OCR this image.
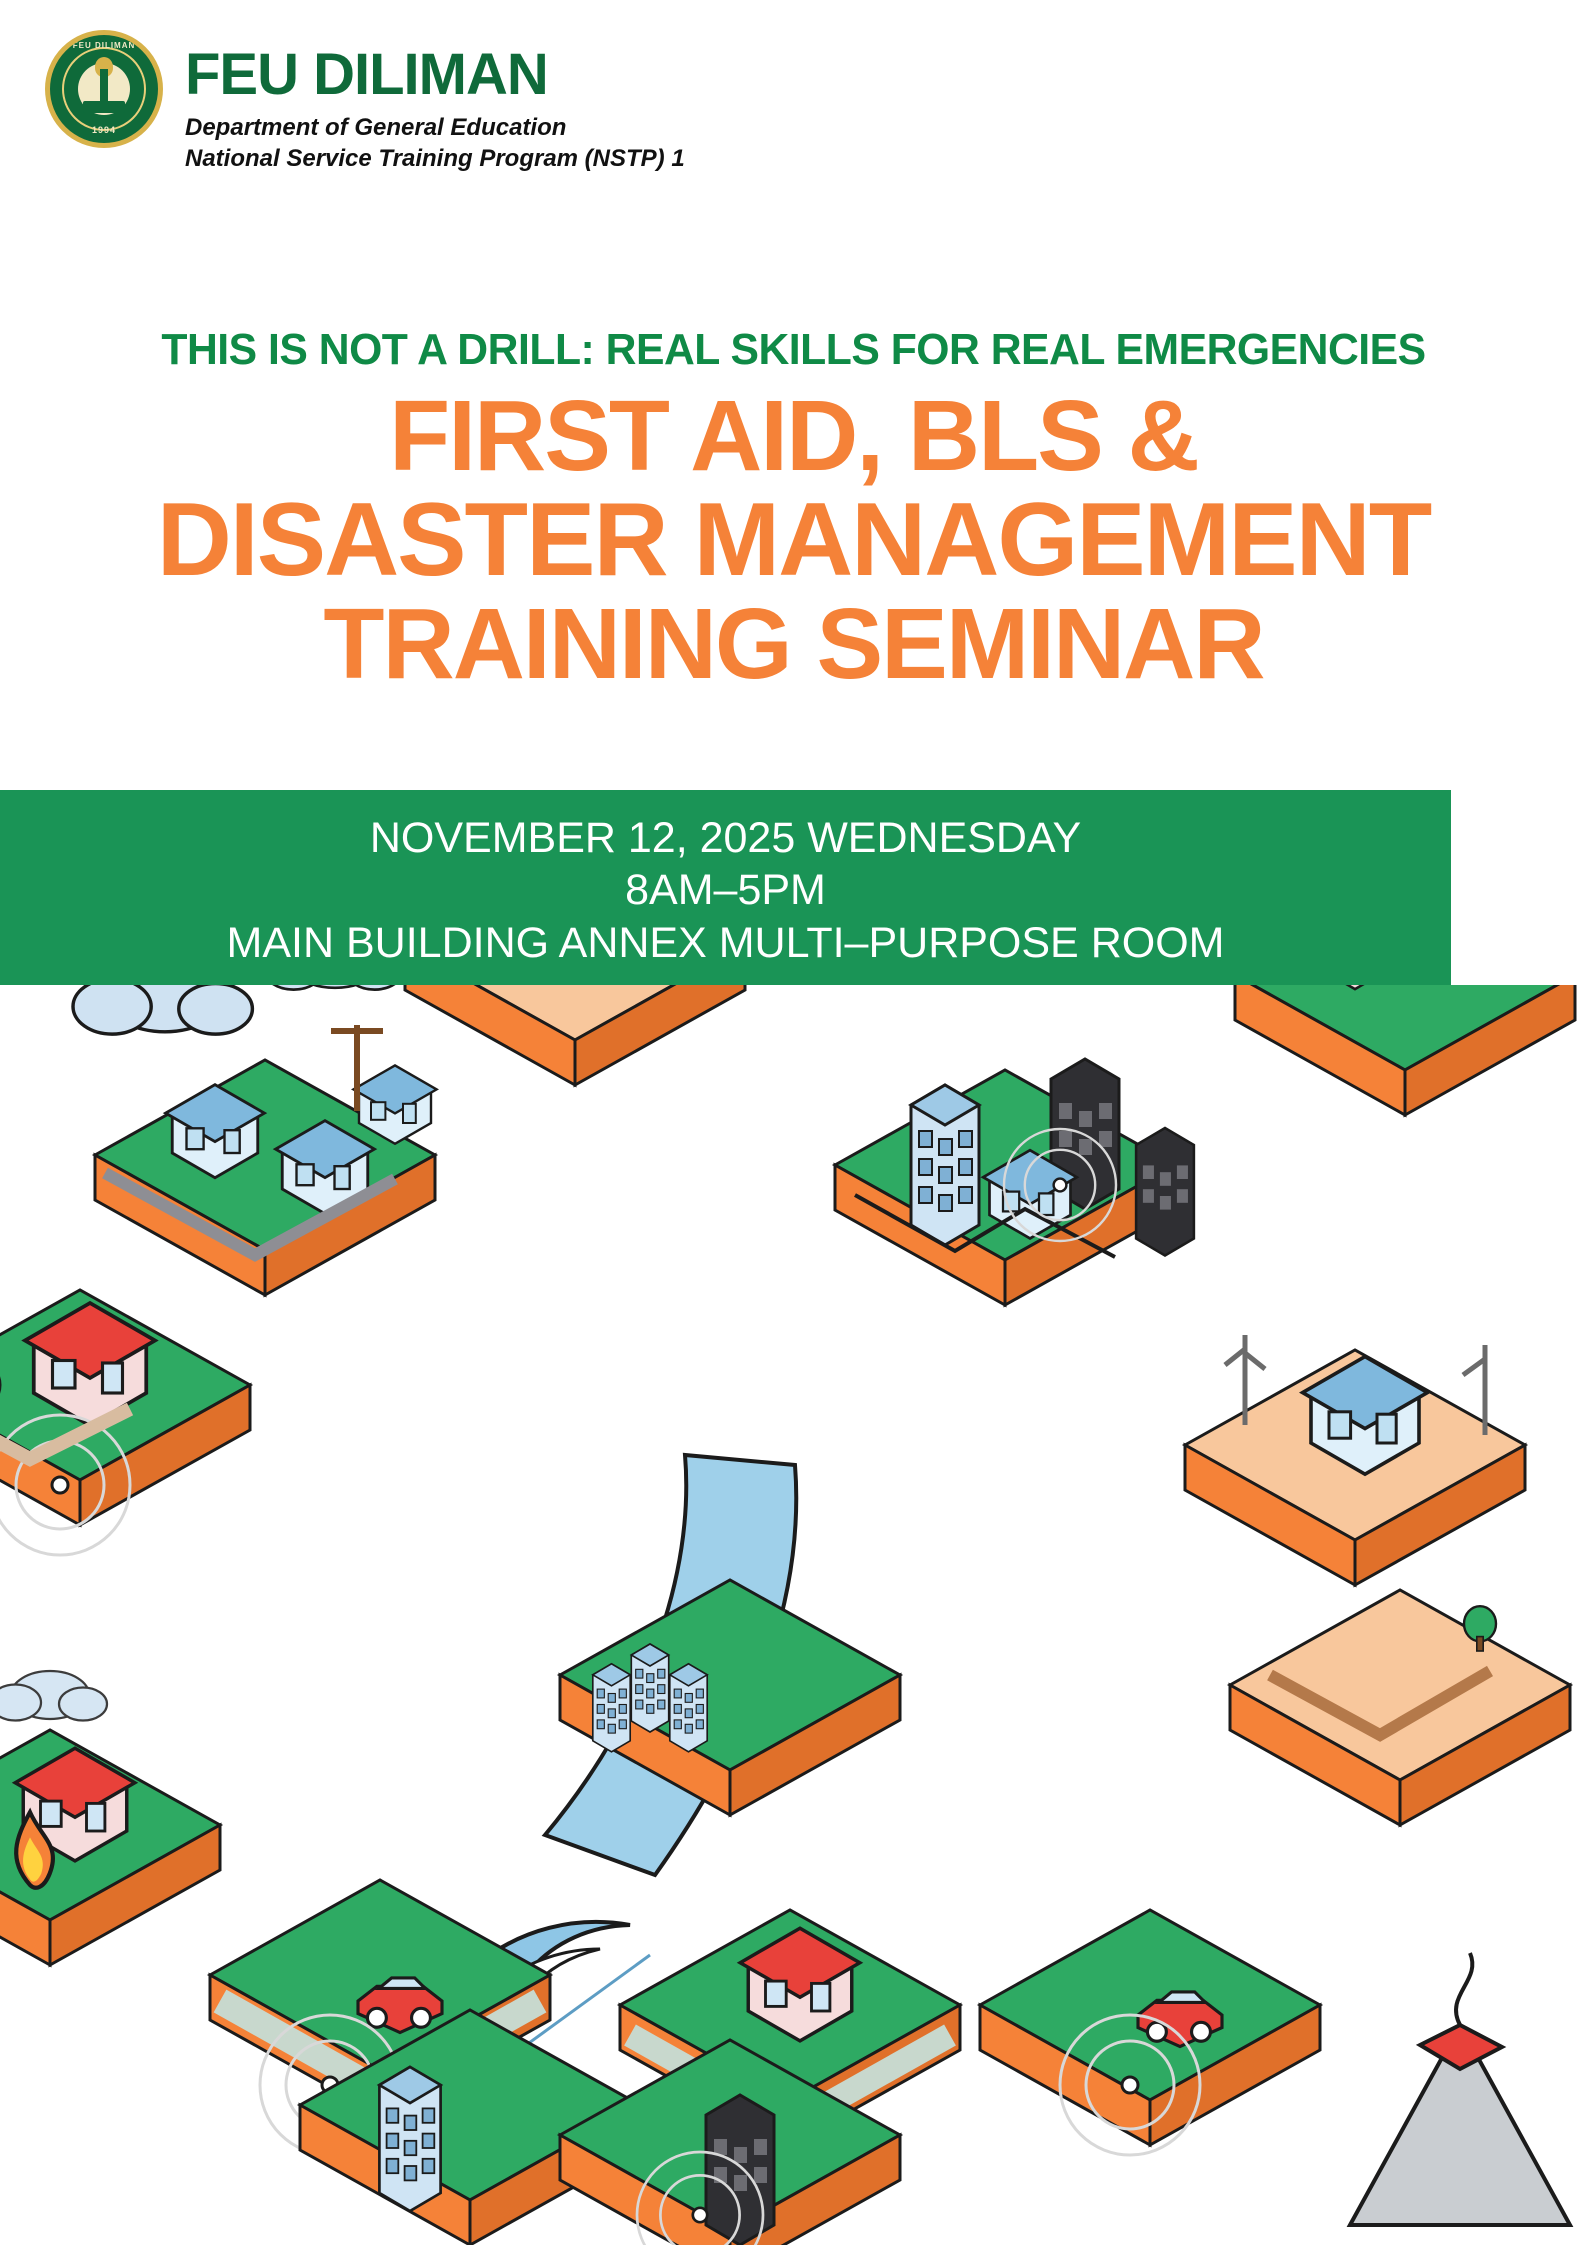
FEU DILIMAN
1994
FEU DILIMAN
Department of General Education
National Service Training Program (NSTP) 1
THIS IS NOT A DRILL: REAL SKILLS FOR REAL EMERGENCIES
FIRST AID, BLS &
DISASTER MANAGEMENT
TRAINING SEMINAR
NOVEMBER 12, 2025 WEDNESDAY
8AM–5PM
MAIN BUILDING ANNEX MULTI–PURPOSE ROOM
